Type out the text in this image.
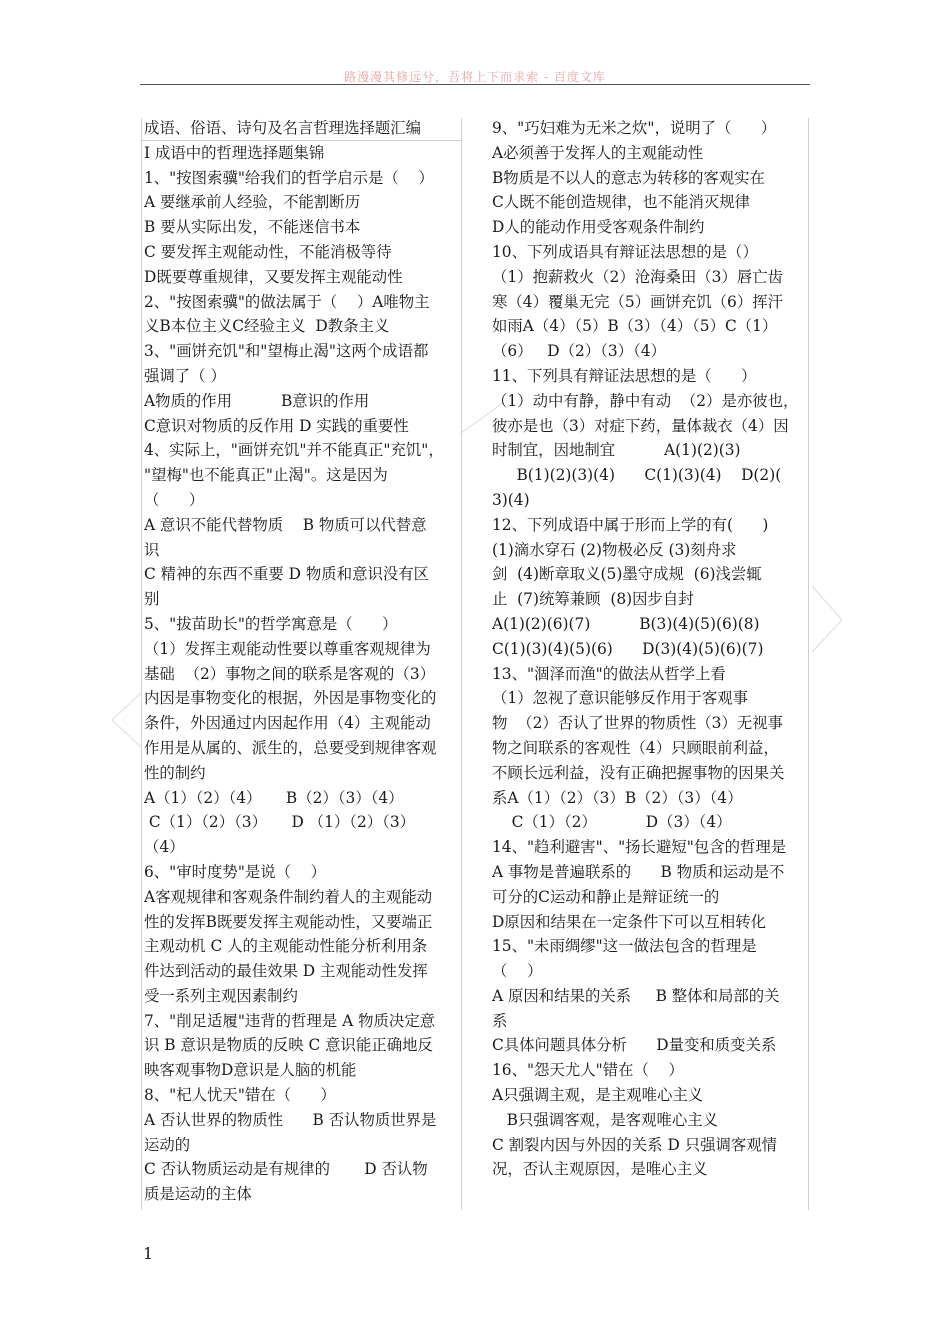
路漫漫其修远兮，吾将上下而求索 - 百度文库
成语、俗语、诗句及名言哲理选择题汇编
Ⅰ 成语中的哲理选择题集锦
1、"按图索骥"给我们的哲学启示是（    ）
A 要继承前人经验，不能割断历
B 要从实际出发，不能迷信书本
C 要发挥主观能动性，不能消极等待
D既要尊重规律，又要发挥主观能动性
2、"按图索骥"的做法属于（    ）A唯物主
义B本位主义C经验主义  D教条主义
3、"画饼充饥"和"望梅止渴"这两个成语都
强调了（ ）
A物质的作用          B意识的作用
C意识对物质的反作用 D 实践的重要性
4、实际上，"画饼充饥"并不能真正"充饥"，
"望梅"也不能真正"止渴"。这是因为
（      ）
A 意识不能代替物质    B 物质可以代替意
识
C 精神的东西不重要 D 物质和意识没有区
别
5、"拔苗助长"的哲学寓意是（      ）
（1）发挥主观能动性要以尊重客观规律为
基础  （2）事物之间的联系是客观的（3）
内因是事物变化的根据，外因是事物变化的
条件，外因通过内因起作用（4）主观能动
作用是从属的、派生的，总要受到规律客观
性的制约
A（1）（2）（4）     B（2）（3）（4）
C（1）（2）（3）     D （1）（2）（3）
（4）
6、"审时度势"是说（    ）
A客观规律和客观条件制约着人的主观能动
性的发挥B既要发挥主观能动性，又要端正
主观动机 C 人的主观能动性能分析利用条
件达到活动的最佳效果 D 主观能动性发挥
受一系列主观因素制约
7、"削足适履"违背的哲理是 A 物质决定意
识 B 意识是物质的反映 C 意识能正确地反
映客观事物D意识是人脑的机能
8、"杞人忧天"错在（      ）
A 否认世界的物质性      B 否认物质世界是
运动的
C 否认物质运动是有规律的       D 否认物
质是运动的主体
9、"巧妇难为无米之炊"，说明了（      ）
A必须善于发挥人的主观能动性
B物质是不以人的意志为转移的客观实在
C人既不能创造规律，也不能消灭规律
D人的能动作用受客观条件制约
10、下列成语具有辩证法思想的是（）
（1）抱薪救火（2）沧海桑田（3）唇亡齿
寒（4）覆巢无完（5）画饼充饥（6）挥汗
如雨A（4）（5）B（3）（4）（5）C（1）
（6）   D（2）（3）（4）
11、下列具有辩证法思想的是（      ）
（1）动中有静，静中有动  （2）是亦彼也，
彼亦是也（3）对症下药，量体裁衣（4）因
时制宜，因地制宜          A(1)(2)(3)
B(1)(2)(3)(4)      C(1)(3)(4)    D(2)(
3)(4)
12、下列成语中属于形而上学的有(      )
(1)滴水穿石 (2)物极必反 (3)刻舟求
剑  (4)断章取义(5)墨守成规  (6)浅尝辄
止  (7)统筹兼顾  (8)因步自封
A(1)(2)(6)(7)          B(3)(4)(5)(6)(8)
C(1)(3)(4)(5)(6)      D(3)(4)(5)(6)(7)
13、"涸泽而渔"的做法从哲学上看
（1）忽视了意识能够反作用于客观事
物  （2）否认了世界的物质性（3）无视事
物之间联系的客观性（4）只顾眼前利益，
不顾长远利益，没有正确把握事物的因果关
系A（1）（2）（3）B（2）（3）（4）
C（1）（2）          D（3）（4）
14、"趋利避害"、"扬长避短"包含的哲理是
A 事物是普遍联系的      B 物质和运动是不
可分的C运动和静止是辩证统一的
D原因和结果在一定条件下可以互相转化
15、"未雨绸缪"这一做法包含的哲理是
（    ）
A 原因和结果的关系     B 整体和局部的关
系
C具体问题具体分析      D量变和质变关系
16、"怨天尤人"错在（    ）
A只强调主观，是主观唯心主义
B只强调客观，是客观唯心主义
C 割裂内因与外因的关系 D 只强调客观情
况，否认主观原因，是唯心主义
1
